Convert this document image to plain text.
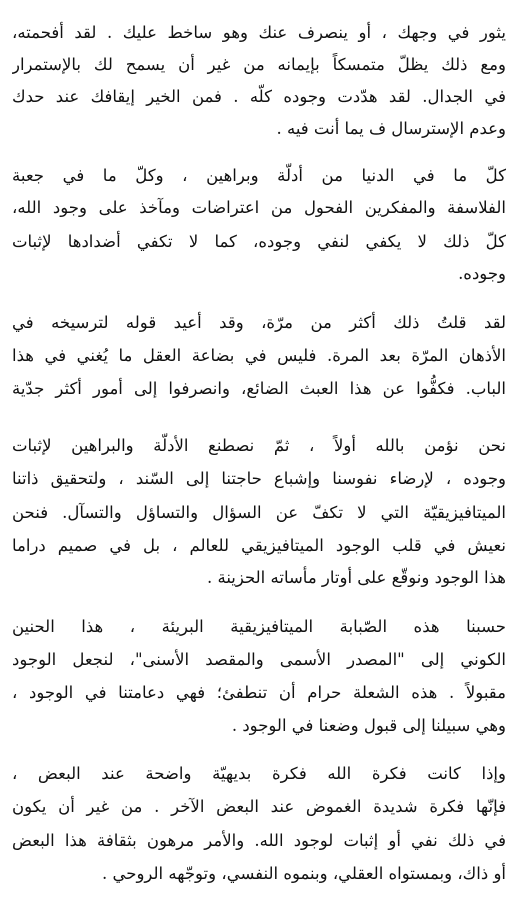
يثور في وجهك ، أو ينصرف عنك وهو ساخط عليك . لقد أفحمته،
ومع ذلك يظلّ متمسكاً بإيمانه من غير أن يسمح لك بالإستمرار
في الجدال. لقد هدّدت وجوده كلّه . فمن الخير إيقافك عند حدك
وعدم الإسترسال ف يما أنت فيه .
كلّ ما في الدنيا من أدلّة وبراهين ، وكلّ ما في جعبة
الفلاسفة والمفكرين الفحول من اعتراضات ومآخذ على وجود الله،
كلّ ذلك لا يكفي لنفي وجوده، كما لا تكفي أضدادها لإثبات
وجوده.
لقد قلتُ ذلك أكثر من مرّة، وقد أعيد قوله لترسيخه في
الأذهان المرّة بعد المرة. فليس في بضاعة العقل ما يُغني في هذا
الباب. فكفُّوا عن هذا العبث الضائع، وانصرفوا إلى أمور أكثر جدّية
نحن نؤمن بالله أولاً ، ثمّ نصطنع الأدلّة والبراهين لإثبات
وجوده ، لإرضاء نفوسنا وإشباع حاجتنا إلى السّند ، ولتحقيق ذاتنا
الميتافيزيقيّة التي لا تكفّ عن السؤال والتساؤل والتسآل. فنحن
نعيش في قلب الوجود الميتافيزيقي للعالم ، بل في صميم دراما
هذا الوجود ونوقّع على أوتار مأساته الحزينة .
حسبنا هذه الصّبابة الميتافيزيقية البريئة ، هذا الحنين
الكوني إلى "المصدر الأسمى والمقصد الأسنى"، لنجعل الوجود
مقبولاً . هذه الشعلة حرام أن تنطفئ؛ فهي دعامتنا في الوجود ،
وهي سبيلنا إلى قبول وضعنا في الوجود .
وإذا كانت فكرة الله فكرة بديهيّة واضحة عند البعض ،
فإنّها فكرة شديدة الغموض عند البعض الآخر . من غير أن يكون
في ذلك نفي أو إثبات لوجود الله. والأمر مرهون بثقافة هذا البعض
أو ذاك، وبمستواه العقلي، وبنموه النفسي، وتوجّهه الروحي .
